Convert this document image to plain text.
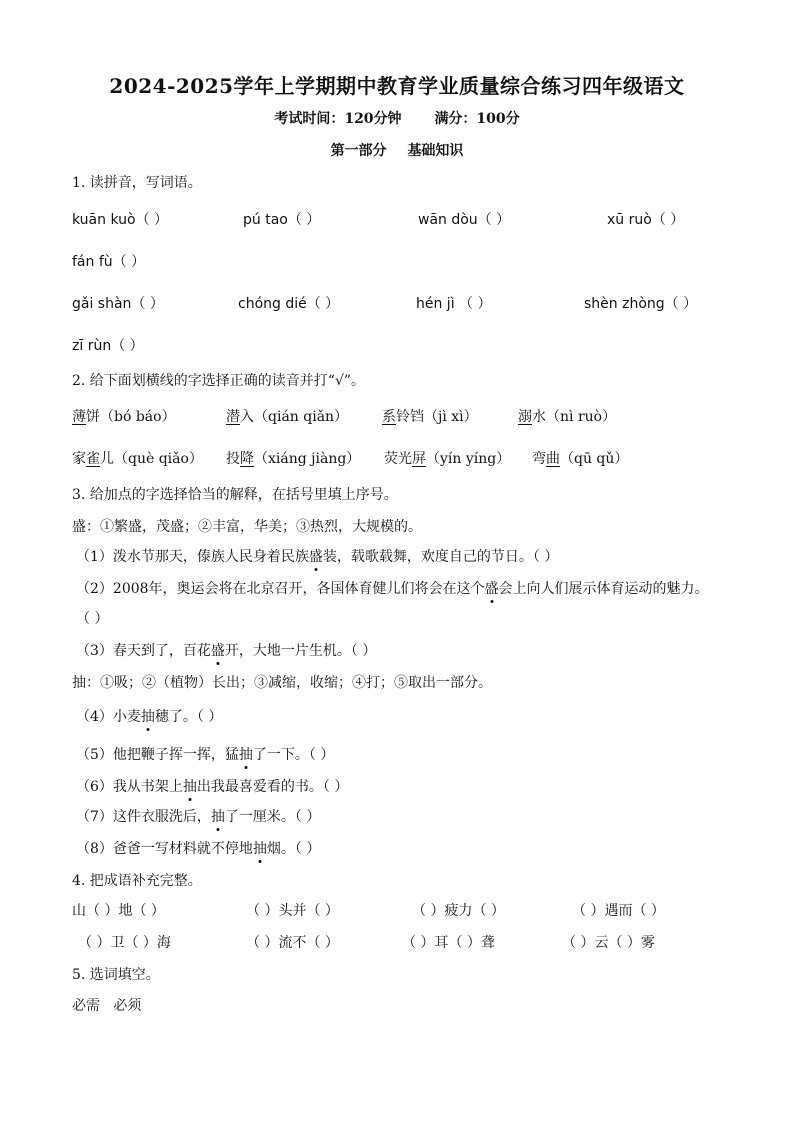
2024-2025学年上学期期中教育学业质量综合练习四年级语文
考试时间：120分钟 满分：100分
第一部分 基础知识
1. 读拼音，写词语。
kuān kuò（ ）	pú tao（ ）	wān dòu（ ）	xū ruò（ ）
fán fù（ ）
gǎi shàn（ ）	chóng dié（ ）	hén jì （ ）	shèn zhòng（ ）
zī rùn（ ）
2. 给下面划横线的字选择正确的读音并打“√”。
薄饼（bó báo）	潜入（qián qiǎn） 系铃铛（jì xì）	溺水（nì ruò）
家雀儿（què qiǎo） 投降（xiáng jiàng） 荧光屏（yín yíng） 弯曲（qū qǔ）
3. 给加点的字选择恰当的解释，在括号里填上序号。
盛：①繁盛，茂盛；②丰富，华美；③热烈，大规模的。
（1）泼水节那天，傣族人民身着民族盛装，载歌载舞，欢度自己的节日。（ ）
（2）2008年，奥运会将在北京召开，各国体育健儿们将会在这个盛会上向人们展示体育运动的魅力。
（ ）
（3）春天到了，百花盛开，大地一片生机。（ ）
抽：①吸；②（植物）长出；③减缩，收缩；④打；⑤取出一部分。
（4）小麦抽穗了。（ ）
（5）他把鞭子挥一挥，猛抽了一下。（ ）
（6）我从书架上抽出我最喜爱看的书。（ ）
（7）这件衣服洗后，抽了一厘米。（ ）
（8）爸爸一写材料就不停地抽烟。（ ）
4. 把成语补充完整。
山（ ）地（ ）	（ ）头并（ ）	（ ）疲力（ ）	（ ）遇而（ ）
（ ）卫（ ）海	（ ）流不（ ）	（ ）耳（ ）聋	（ ）云（ ）雾
5. 选词填空。
必需   必须
